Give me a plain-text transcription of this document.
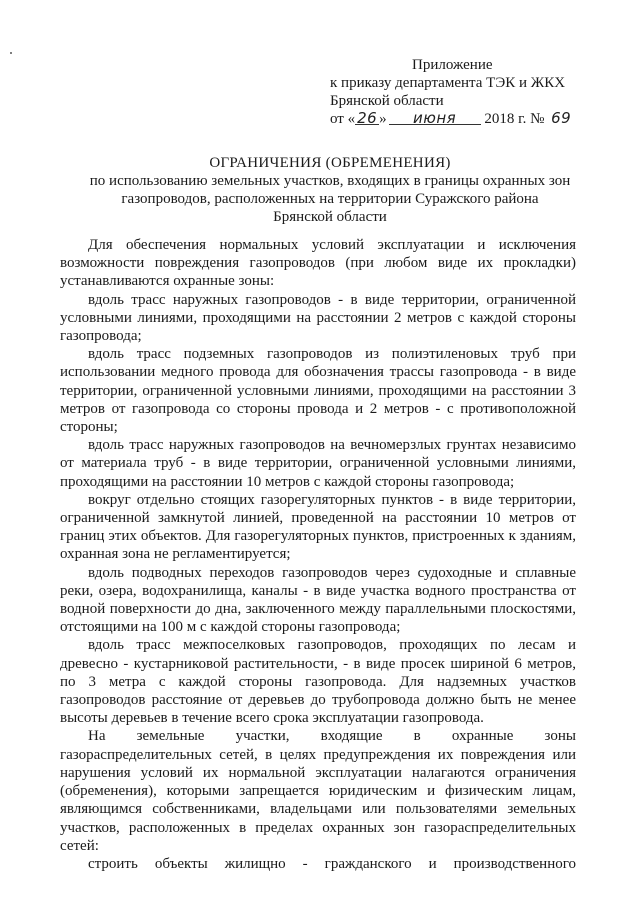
Приложение
к приказу департамента ТЭК и ЖКХ
Брянской области
от « 26 » июня 2018 г. № 69
ОГРАНИЧЕНИЯ (ОБРЕМЕНЕНИЯ)
по использованию земельных участков, входящих в границы охранных зон
газопроводов, расположенных на территории Суражского района
Брянской области

Для обеспечения нормальных условий эксплуатации и исключения возможности повреждения газопроводов (при любом виде их прокладки) устанавливаются охранные зоны:

вдоль трасс наружных газопроводов - в виде территории, ограниченной условными линиями, проходящими на расстоянии 2 метров с каждой стороны газопровода;

вдоль трасс подземных газопроводов из полиэтиленовых труб при использовании медного провода для обозначения трассы газопровода - в виде территории, ограниченной условными линиями, проходящими на расстоянии 3 метров от газопровода со стороны провода и 2 метров - с противоположной стороны;

вдоль трасс наружных газопроводов на вечномерзлых грунтах независимо от материала труб - в виде территории, ограниченной условными линиями, проходящими на расстоянии 10 метров с каждой стороны газопровода;

вокруг отдельно стоящих газорегуляторных пунктов - в виде территории, ограниченной замкнутой линией, проведенной на расстоянии 10 метров от границ этих объектов. Для газорегуляторных пунктов, пристроенных к зданиям, охранная зона не регламентируется;

вдоль подводных переходов газопроводов через судоходные и сплавные реки, озера, водохранилища, каналы - в виде участка водного пространства от водной поверхности до дна, заключенного между параллельными плоскостями, отстоящими на 100 м с каждой стороны газопровода;

вдоль трасс межпоселковых газопроводов, проходящих по лесам и древесно - кустарниковой растительности, - в виде просек шириной 6 метров, по 3 метра с каждой стороны газопровода. Для надземных участков газопроводов расстояние от деревьев до трубопровода должно быть не менее высоты деревьев в течение всего срока эксплуатации газопровода.

На земельные участки, входящие в охранные зоны

газораспределительных сетей, в целях предупреждения их повреждения или нарушения условий их нормальной эксплуатации налагаются ограничения (обременения), которыми запрещается юридическим и физическим лицам, являющимся собственниками, владельцами или пользователями земельных участков, расположенных в пределах охранных зон газораспределительных сетей:

строить объекты жилищно - гражданского и производственного
